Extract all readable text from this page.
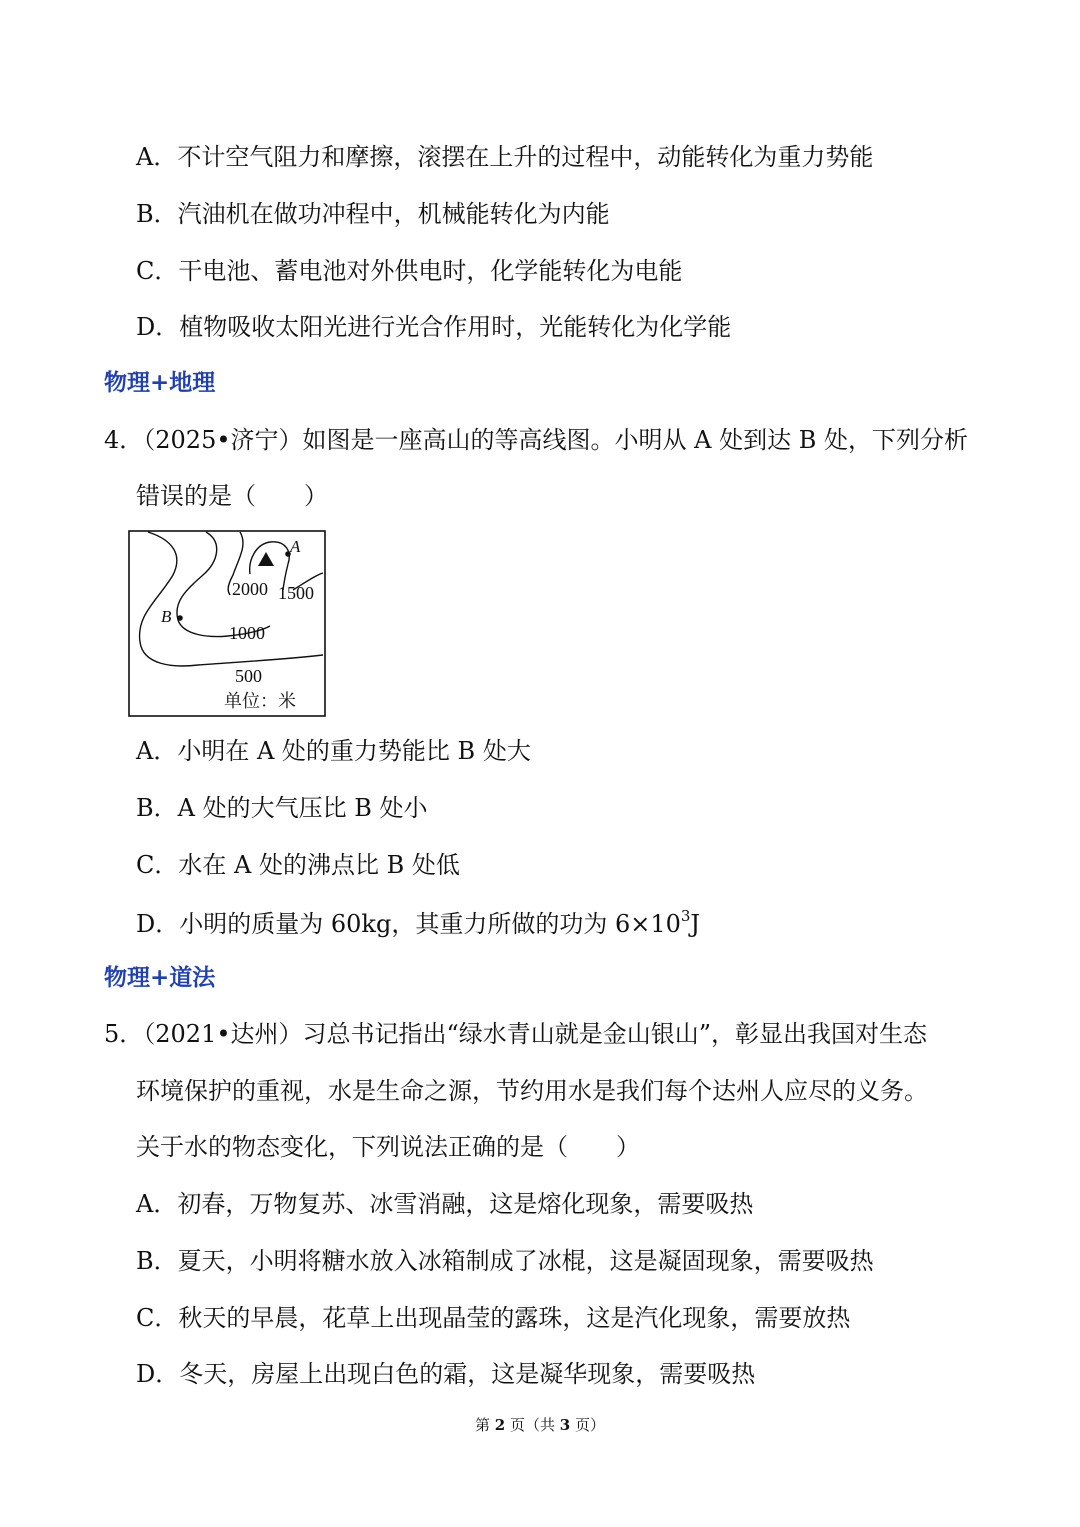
A．不计空气阻力和摩擦，滚摆在上升的过程中，动能转化为重力势能
B．汽油机在做功冲程中，机械能转化为内能
C．干电池、蓄电池对外供电时，化学能转化为电能
D．植物吸收太阳光进行光合作用时，光能转化为化学能
物理+地理
4．（2025•济宁）如图是一座高山的等高线图。小明从 A 处到达 B 处，下列分析
错误的是（　　）
A
B
2000 1500
1000
500
单位：米
A．小明在 A 处的重力势能比 B 处大
B．A 处的大气压比 B 处小
C．水在 A 处的沸点比 B 处低
D．小明的质量为 60kg，其重力所做的功为 $6\times 10^3J$
物理+道法
5．（2021•达州）习总书记指出“绿水青山就是金山银山”，彰显出我国对生态
环境保护的重视，水是生命之源，节约用水是我们每个达州人应尽的义务。
关于水的物态变化，下列说法正确的是（　　）
A．初春，万物复苏、冰雪消融，这是熔化现象，需要吸热
B．夏天，小明将糖水放入冰箱制成了冰棍，这是凝固现象，需要吸热
C．秋天的早晨，花草上出现晶莹的露珠，这是汽化现象，需要放热
D．冬天，房屋上出现白色的霜，这是凝华现象，需要吸热
第 2 页（共 3 页）
